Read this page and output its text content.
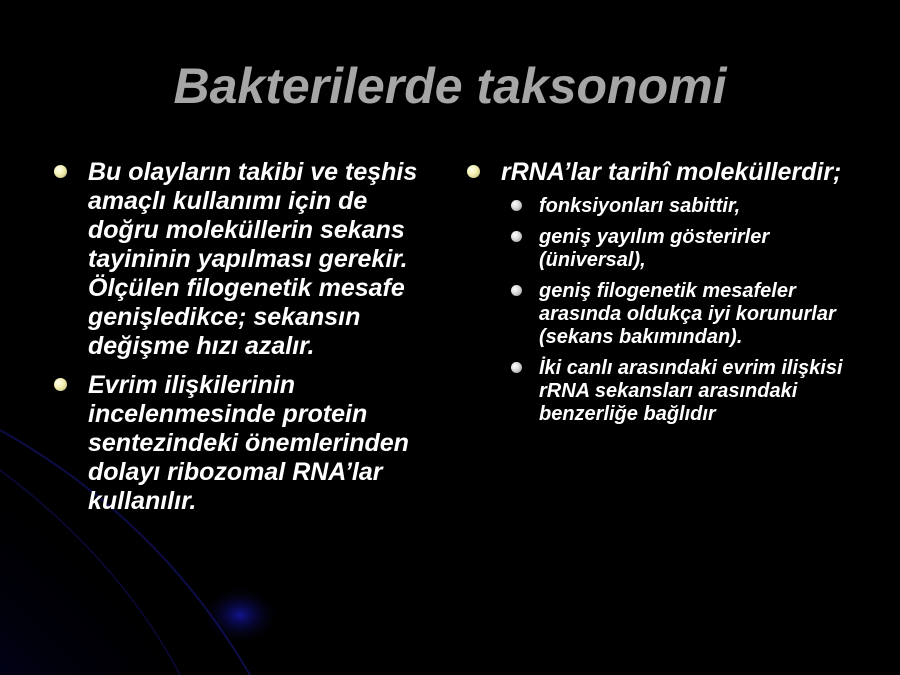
Bakterilerde taksonomi
Bu olayların takibi ve teşhis amaçlı kullanımı için de doğru moleküllerin sekans tayininin yapılması gerekir. Ölçülen filogenetik mesafe genişledikce; sekansın değişme hızı azalır.
Evrim ilişkilerinin incelenmesinde protein sentezindeki önemlerinden dolayı ribozomal RNA’lar kullanılır.
rRNA’lar tarihî moleküllerdir;
fonksiyonları sabittir,
geniş yayılım gösterirler (üniversal),
geniş filogenetik mesafeler arasında oldukça iyi korunurlar (sekans bakımından).
İki canlı arasındaki evrim ilişkisi rRNA sekansları arasındaki benzerliğe bağlıdır
